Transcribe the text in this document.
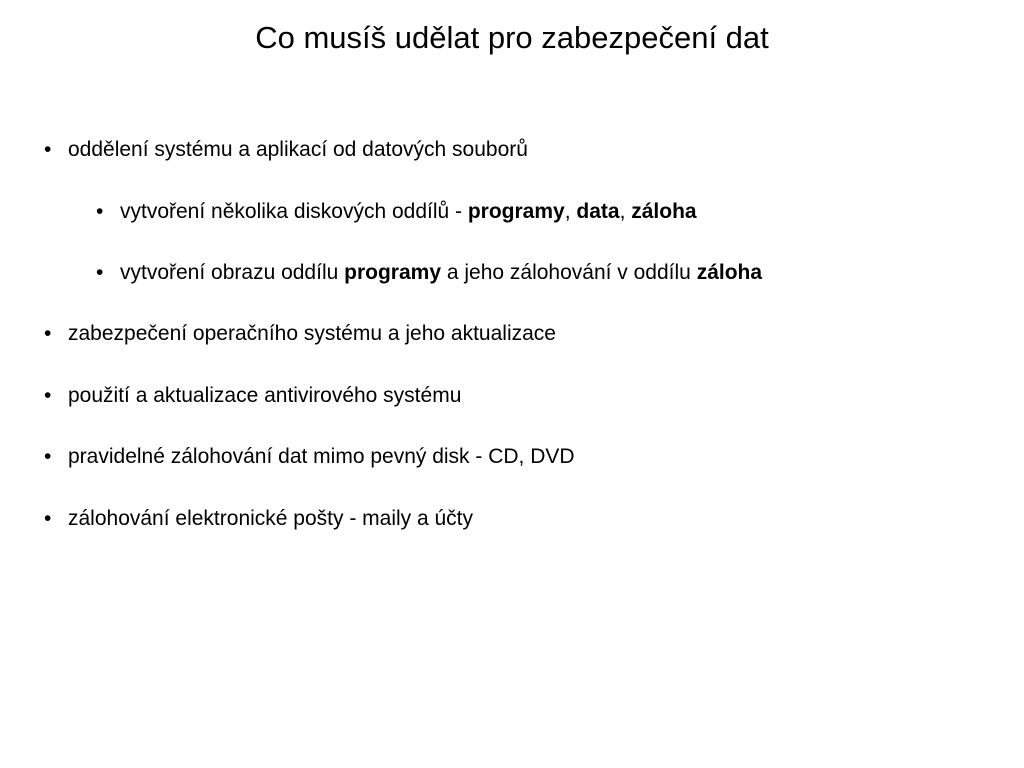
Co musíš udělat pro zabezpečení dat
• oddělení systému a aplikací od datových souborů
• vytvoření několika diskových oddílů - programy, data, záloha
• vytvoření obrazu oddílu programy a jeho zálohování v oddílu záloha
• zabezpečení operačního systému a jeho aktualizace
• použití a aktualizace antivirového systému
• pravidelné zálohování dat mimo pevný disk - CD, DVD
• zálohování elektronické pošty - maily a účty
